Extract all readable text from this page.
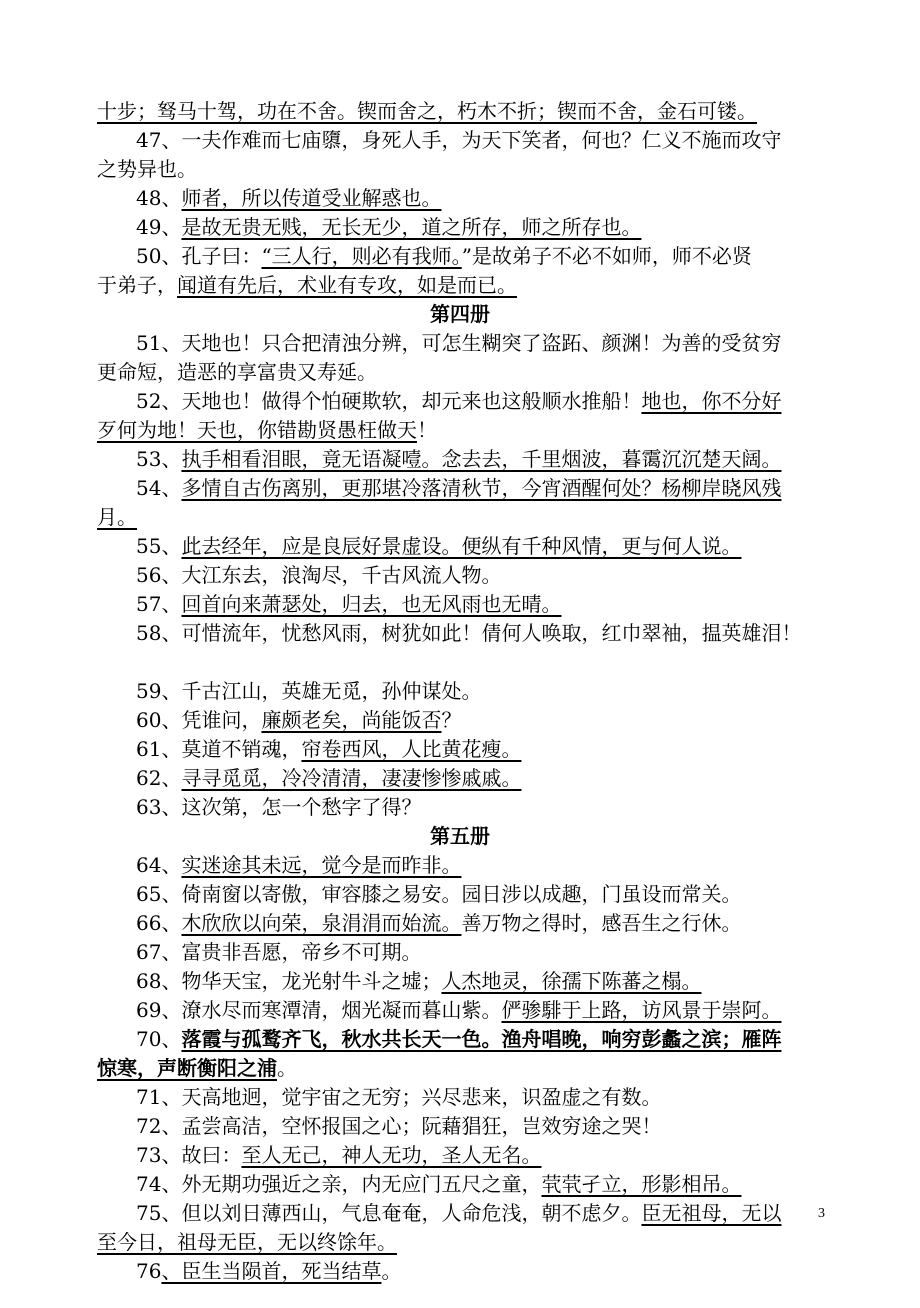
十步；驽马十驾，功在不舍。锲而舍之，朽木不折；锲而不舍，金石可镂。
47、一夫作难而七庙隳，身死人手，为天下笑者，何也？仁义不施而攻守
之势异也。
48、师者，所以传道受业解惑也。
49、是故无贵无贱，无长无少，道之所存，师之所存也。
50、孔子曰：“三人行，则必有我师。”是故弟子不必不如师，师不必贤
于弟子，闻道有先后，术业有专攻，如是而已。
第四册
51、天地也！只合把清浊分辨，可怎生糊突了盗跖、颜渊！为善的受贫穷
更命短，造恶的享富贵又寿延。
52、天地也！做得个怕硬欺软，却元来也这般顺水推船！地也，你不分好
歹何为地！天也，你错勘贤愚枉做天！
53、执手相看泪眼，竟无语凝噎。念去去，千里烟波，暮霭沉沉楚天阔。
54、多情自古伤离别，更那堪冷落清秋节，今宵酒醒何处？杨柳岸晓风残
月。
55、此去经年，应是良辰好景虚设。便纵有千种风情，更与何人说。
56、大江东去，浪淘尽，千古风流人物。
57、回首向来萧瑟处，归去，也无风雨也无晴。
58、可惜流年，忧愁风雨，树犹如此！倩何人唤取，红巾翠袖，揾英雄泪！
59、千古江山，英雄无觅，孙仲谋处。
60、凭谁问，廉颇老矣，尚能饭否？
61、莫道不销魂，帘卷西风，人比黄花瘦。
62、寻寻觅觅，冷冷清清，凄凄惨惨戚戚。
63、这次第，怎一个愁字了得？
第五册
64、实迷途其未远，觉今是而昨非。
65、倚南窗以寄傲，审容膝之易安。园日涉以成趣，门虽设而常关。
66、木欣欣以向荣，泉涓涓而始流。善万物之得时，感吾生之行休。
67、富贵非吾愿，帝乡不可期。
68、物华天宝，龙光射牛斗之墟；人杰地灵，徐孺下陈蕃之榻。
69、潦水尽而寒潭清，烟光凝而暮山紫。俨骖騑于上路，访风景于崇阿。
70、落霞与孤鹜齐飞，秋水共长天一色。渔舟唱晚，响穷彭蠡之滨；雁阵
惊寒，声断衡阳之浦。
71、天高地迥，觉宇宙之无穷；兴尽悲来，识盈虚之有数。
72、孟尝高洁，空怀报国之心；阮藉猖狂，岂效穷途之哭！
73、故曰：至人无己，神人无功，圣人无名。
74、外无期功强近之亲，内无应门五尺之童，茕茕孑立，形影相吊。
75、但以刘日薄西山，气息奄奄，人命危浅，朝不虑夕。臣无祖母，无以
至今日，祖母无臣，无以终馀年。
76、臣生当陨首，死当结草。
3
